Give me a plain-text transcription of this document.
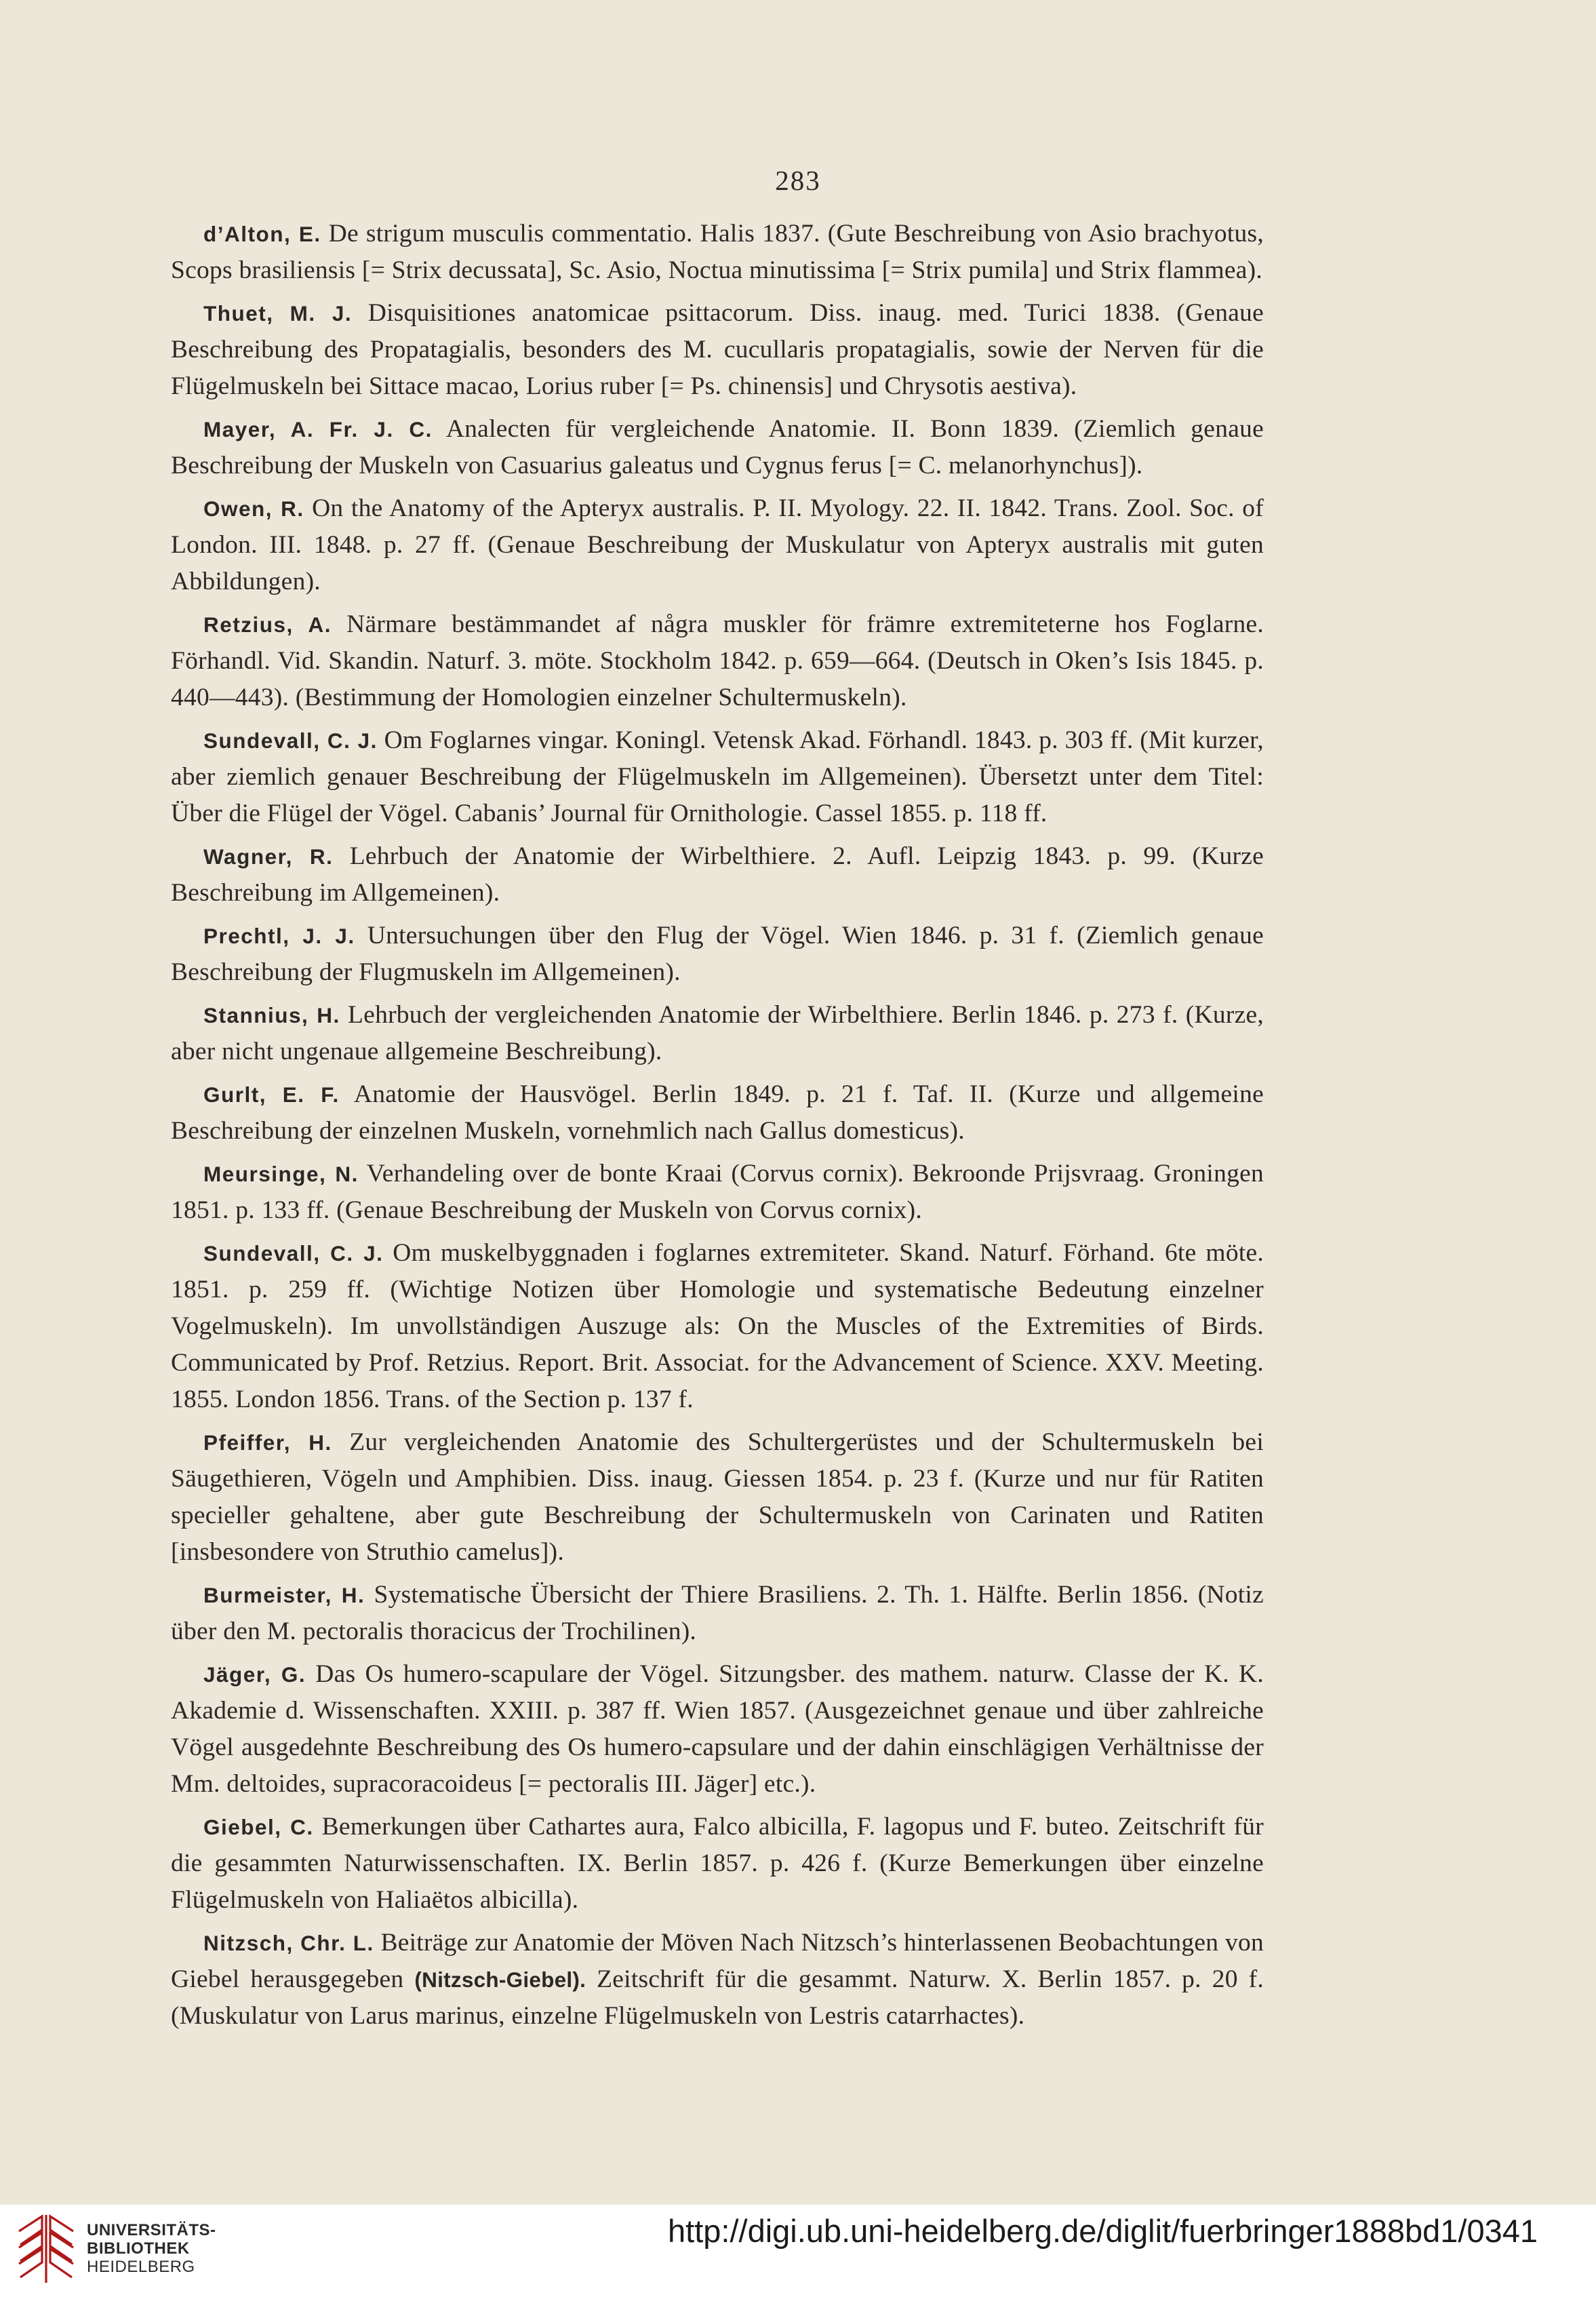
283

d’Alton, E. De strigum musculis commentatio. Halis 1837. (Gute Beschreibung von Asio brachyotus, Scops brasiliensis [= Strix decussata], Sc. Asio, Noctua minutissima [= Strix pumila] und Strix flammea).

Thuet, M. J. Disquisitiones anatomicae psittacorum. Diss. inaug. med. Turici 1838. (Genaue Beschreibung des Propatagialis, besonders des M. cucullaris propatagialis, sowie der Nerven für die Flügelmuskeln bei Sittace macao, Lorius ruber [= Ps. chinensis] und Chrysotis aestiva).

Mayer, A. Fr. J. C. Analecten für vergleichende Anatomie. II. Bonn 1839. (Ziemlich genaue Beschreibung der Muskeln von Casuarius galeatus und Cygnus ferus [= C. melanorhynchus]).

Owen, R. On the Anatomy of the Apteryx australis. P. II. Myology. 22. II. 1842. Trans. Zool. Soc. of London. III. 1848. p. 27 ff. (Genaue Beschreibung der Muskulatur von Apteryx australis mit guten Abbildungen).

Retzius, A. Närmare bestämmandet af några muskler för främre extremiteterne hos Foglarne. Förhandl. Vid. Skandin. Naturf. 3. möte. Stockholm 1842. p. 659—664. (Deutsch in Oken’s Isis 1845. p. 440—443). (Bestimmung der Homologien einzelner Schultermuskeln).

Sundevall, C. J. Om Foglarnes vingar. Koningl. Vetensk Akad. Förhandl. 1843. p. 303 ff. (Mit kurzer, aber ziemlich genauer Beschreibung der Flügelmuskeln im Allgemeinen). Übersetzt unter dem Titel: Über die Flügel der Vögel. Cabanis’ Journal für Ornithologie. Cassel 1855. p. 118 ff.

Wagner, R. Lehrbuch der Anatomie der Wirbelthiere. 2. Aufl. Leipzig 1843. p. 99. (Kurze Beschreibung im Allgemeinen).

Prechtl, J. J. Untersuchungen über den Flug der Vögel. Wien 1846. p. 31 f. (Ziemlich genaue Beschreibung der Flugmuskeln im Allgemeinen).

Stannius, H. Lehrbuch der vergleichenden Anatomie der Wirbelthiere. Berlin 1846. p. 273 f. (Kurze, aber nicht ungenaue allgemeine Beschreibung).

Gurlt, E. F. Anatomie der Hausvögel. Berlin 1849. p. 21 f. Taf. II. (Kurze und allgemeine Beschreibung der einzelnen Muskeln, vornehmlich nach Gallus domesticus).

Meursinge, N. Verhandeling over de bonte Kraai (Corvus cornix). Bekroonde Prijsvraag. Groningen 1851. p. 133 ff. (Genaue Beschreibung der Muskeln von Corvus cornix).

Sundevall, C. J. Om muskelbyggnaden i foglarnes extremiteter. Skand. Naturf. Förhand. 6te möte. 1851. p. 259 ff. (Wichtige Notizen über Homologie und systematische Bedeutung einzelner Vogelmuskeln). Im unvollständigen Auszuge als: On the Muscles of the Extremities of Birds. Communicated by Prof. Retzius. Report. Brit. Associat. for the Advancement of Science. XXV. Meeting. 1855. London 1856. Trans. of the Section p. 137 f.

Pfeiffer, H. Zur vergleichenden Anatomie des Schultergerüstes und der Schultermuskeln bei Säugethieren, Vögeln und Amphibien. Diss. inaug. Giessen 1854. p. 23 f. (Kurze und nur für Ratiten specieller gehaltene, aber gute Beschreibung der Schultermuskeln von Carinaten und Ratiten [insbesondere von Struthio camelus]).

Burmeister, H. Systematische Übersicht der Thiere Brasiliens. 2. Th. 1. Hälfte. Berlin 1856. (Notiz über den M. pectoralis thoracicus der Trochilinen).

Jäger, G. Das Os humero-scapulare der Vögel. Sitzungsber. des mathem. naturw. Classe der K. K. Akademie d. Wissenschaften. XXIII. p. 387 ff. Wien 1857. (Ausgezeichnet genaue und über zahlreiche Vögel ausgedehnte Beschreibung des Os humero-capsulare und der dahin einschlägigen Verhältnisse der Mm. deltoides, supracoracoideus [= pectoralis III. Jäger] etc.).

Giebel, C. Bemerkungen über Cathartes aura, Falco albicilla, F. lagopus und F. buteo. Zeitschrift für die gesammten Naturwissenschaften. IX. Berlin 1857. p. 426 f. (Kurze Bemerkungen über einzelne Flügelmuskeln von Haliaëtos albicilla).

Nitzsch, Chr. L. Beiträge zur Anatomie der Möven Nach Nitzsch’s hinterlassenen Beobachtungen von Giebel herausgegeben (Nitzsch-Giebel). Zeitschrift für die gesammt. Naturw. X. Berlin 1857. p. 20 f. (Muskulatur von Larus marinus, einzelne Flügelmuskeln von Lestris catarrhactes).

UNIVERSITÄTS-
BIBLIOTHEK
HEIDELBERG
http://digi.ub.uni-heidelberg.de/diglit/fuerbringer1888bd1/0341
